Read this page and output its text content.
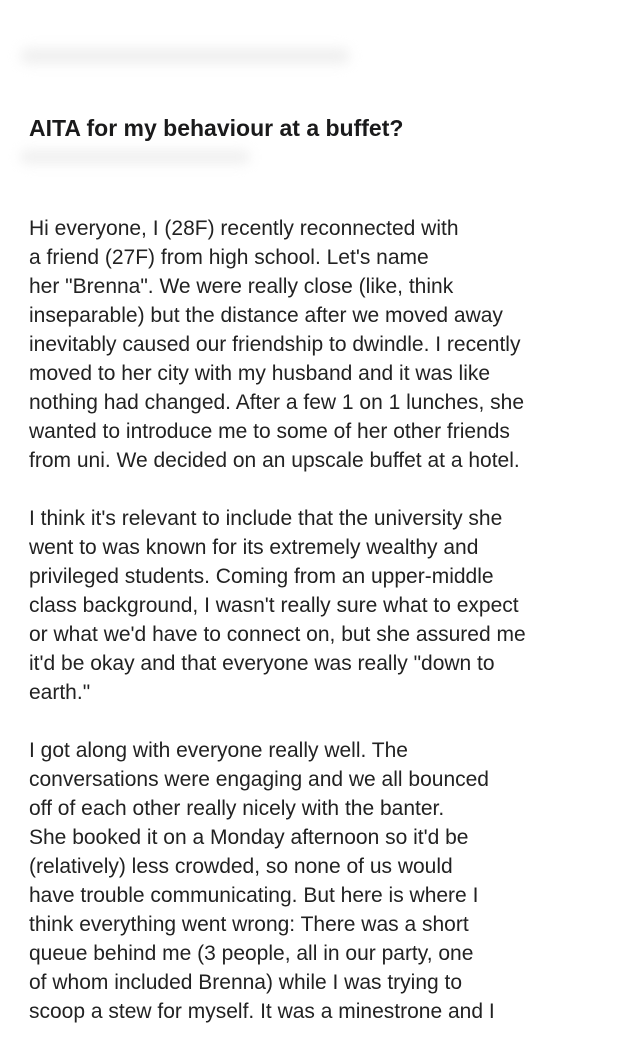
AITA for my behaviour at a buffet?

Hi everyone, I (28F) recently reconnected with
a friend (27F) from high school. Let's name
her "Brenna". We were really close (like, think
inseparable) but the distance after we moved away
inevitably caused our friendship to dwindle. I recently
moved to her city with my husband and it was like
nothing had changed. After a few 1 on 1 lunches, she
wanted to introduce me to some of her other friends
from uni. We decided on an upscale buffet at a hotel.

I think it's relevant to include that the university she
went to was known for its extremely wealthy and
privileged students. Coming from an upper-middle
class background, I wasn't really sure what to expect
or what we'd have to connect on, but she assured me
it'd be okay and that everyone was really "down to
earth."

I got along with everyone really well. The
conversations were engaging and we all bounced
off of each other really nicely with the banter.
She booked it on a Monday afternoon so it'd be
(relatively) less crowded, so none of us would
have trouble communicating. But here is where I
think everything went wrong: There was a short
queue behind me (3 people, all in our party, one
of whom included Brenna) while I was trying to
scoop a stew for myself. It was a minestrone and I
